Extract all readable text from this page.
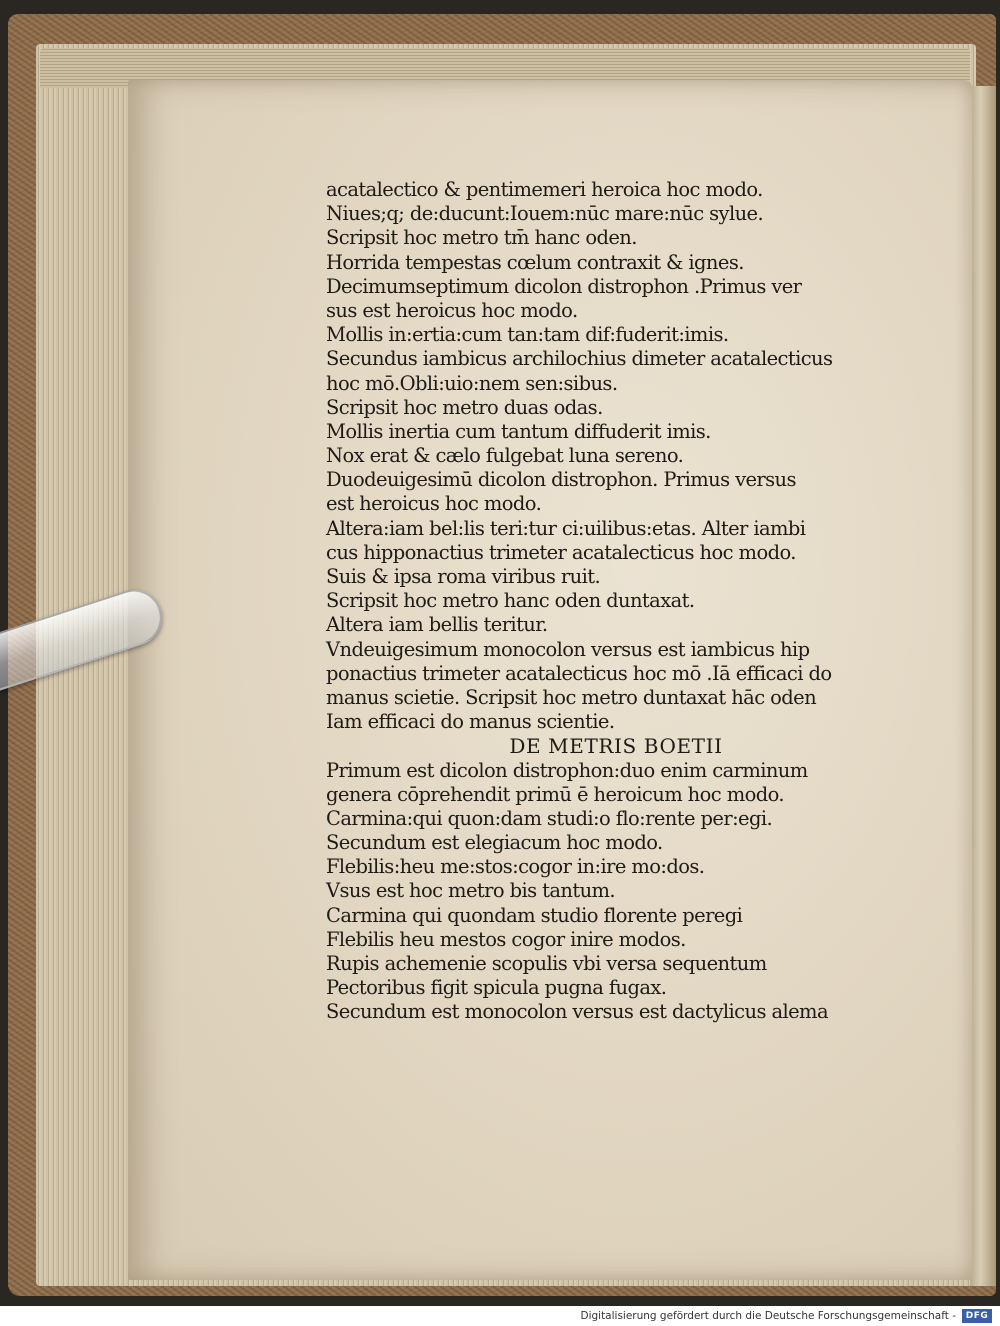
acatalectico & pentimemeri heroica hoc modo.
Niues;q; de:ducunt:Iouem:nūc mare:nūc sylue.
Scripsit hoc metro tm̄ hanc oden.
Horrida tempestas cœlum contraxit & ignes.
Decimumseptimum dicolon distrophon .Primus ver
sus est heroicus hoc modo.
Mollis in:ertia:cum tan:tam dif:fuderit:imis.
Secundus iambicus archilochius dimeter acatalecticus
hoc mō.Obli:uio:nem sen:sibus.
Scripsit hoc metro duas odas.
Mollis inertia cum tantum diffuderit imis.
Nox erat & cælo fulgebat luna sereno.
Duodeuigesimū dicolon distrophon. Primus versus
est heroicus hoc modo.
Altera:iam bel:lis teri:tur ci:uilibus:etas. Alter iambi
cus hipponactius trimeter acatalecticus hoc modo.
Suis & ipsa roma viribus ruit.
Scripsit hoc metro hanc oden duntaxat.
Altera iam bellis teritur.
Vndeuigesimum monocolon versus est iambicus hip
ponactius trimeter acatalecticus hoc mō .Iā efficaci do
manus scietie. Scripsit hoc metro duntaxat hāc oden
Iam efficaci do manus scientie.
DE METRIS BOETII
Primum est dicolon distrophon:duo enim carminum
genera cōprehendit primū ē heroicum hoc modo.
Carmina:qui quon:dam studi:o flo:rente per:egi.
Secundum est elegiacum hoc modo.
Flebilis:heu me:stos:cogor in:ire mo:dos.
Vsus est hoc metro bis tantum.
Carmina qui quondam studio florente peregi
Flebilis heu mestos cogor inire modos.
Rupis achemenie scopulis vbi versa sequentum
Pectoribus figit spicula pugna fugax.
Secundum est monocolon versus est dactylicus alema
Digitalisierung gefördert durch die Deutsche Forschungsgemeinschaft -	DFG
